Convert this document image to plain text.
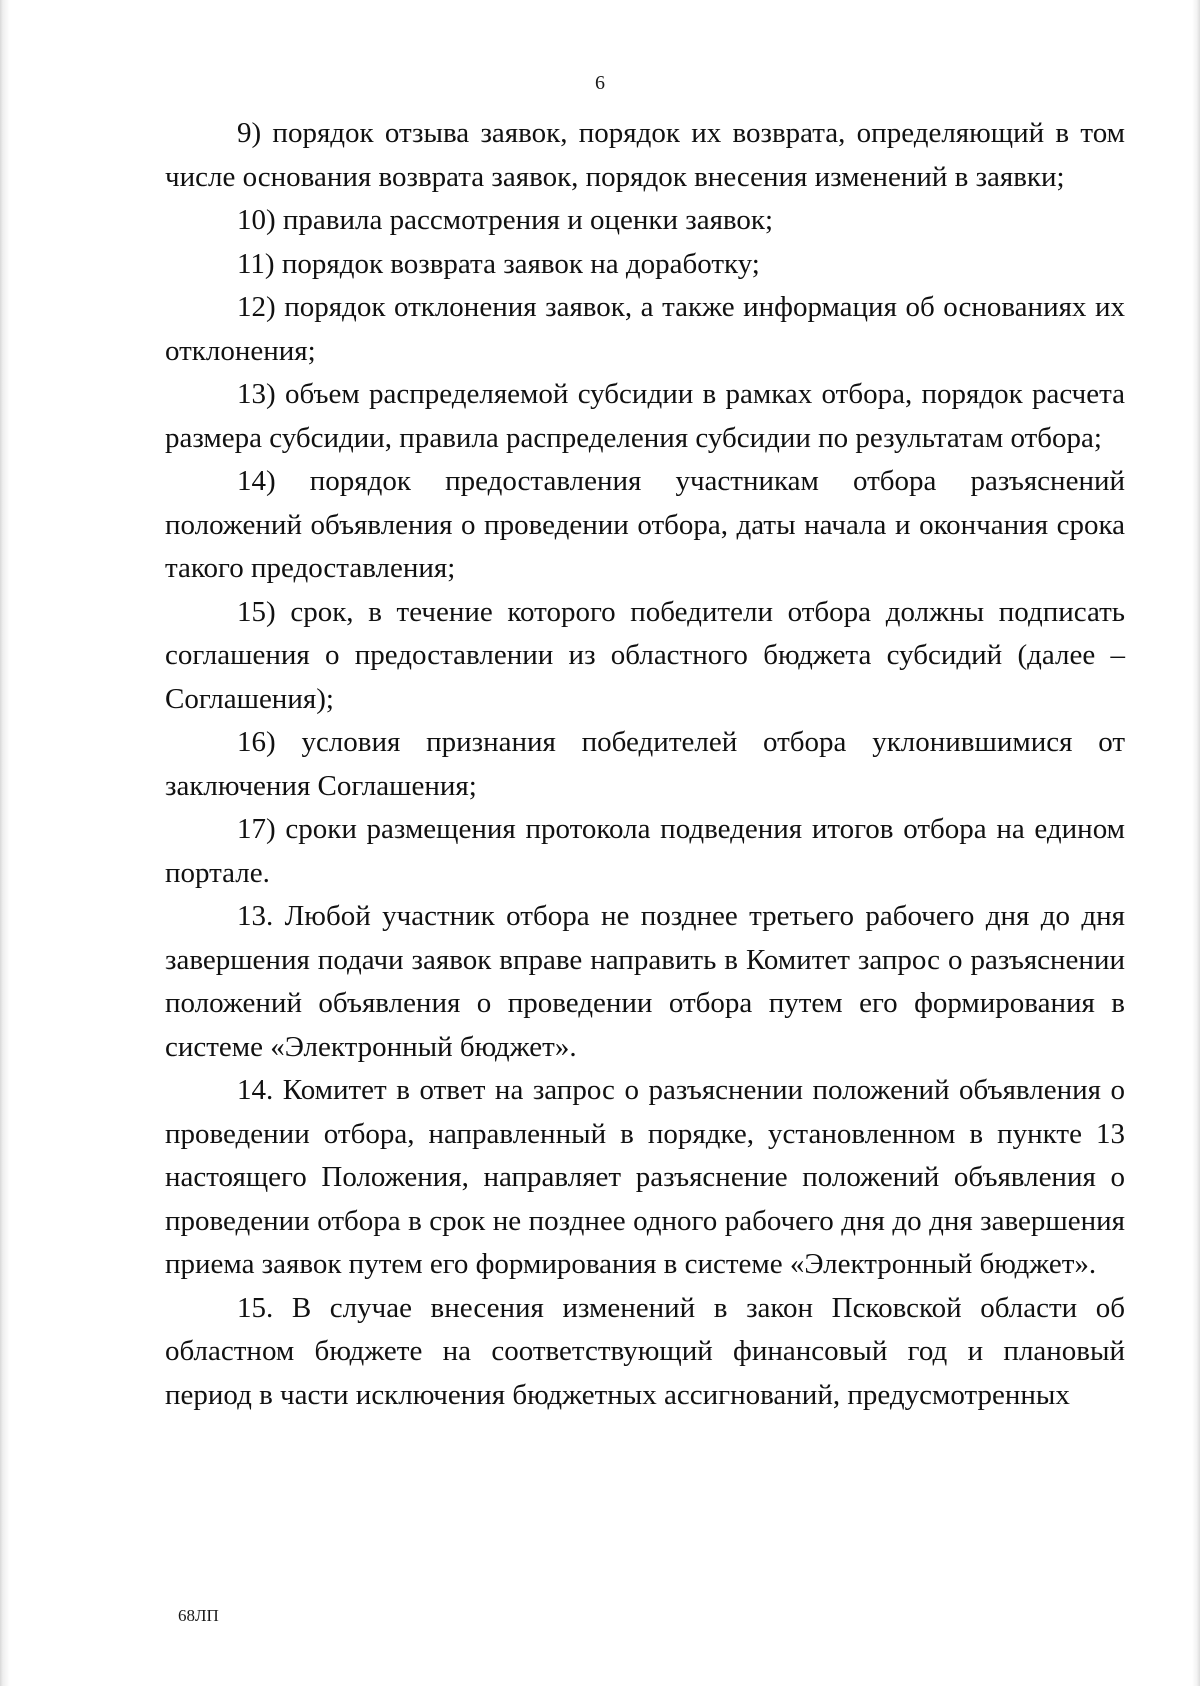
6

9) порядок отзыва заявок, порядок их возврата, определяющий в том числе основания возврата заявок, порядок внесения изменений в заявки;

10) правила рассмотрения и оценки заявок;

11) порядок возврата заявок на доработку;

12) порядок отклонения заявок, а также информация об основаниях их отклонения;

13) объем распределяемой субсидии в рамках отбора, порядок расчета размера субсидии, правила распределения субсидии по результатам отбора;

14) порядок предоставления участникам отбора разъяснений положений объявления о проведении отбора, даты начала и окончания срока такого предоставления;

15) срок, в течение которого победители отбора должны подписать соглашения о предоставлении из областного бюджета субсидий (далее – Соглашения);

16) условия признания победителей отбора уклонившимися от заключения Соглашения;

17) сроки размещения протокола подведения итогов отбора на едином портале.

13. Любой участник отбора не позднее третьего рабочего дня до дня завершения подачи заявок вправе направить в Комитет запрос о разъяснении положений объявления о проведении отбора путем его формирования в системе «Электронный бюджет».

14. Комитет в ответ на запрос о разъяснении положений объявления о проведении отбора, направленный в порядке, установленном в пункте 13 настоящего Положения, направляет разъяснение положений объявления о проведении отбора в срок не позднее одного рабочего дня до дня завершения приема заявок путем его формирования в системе «Электронный бюджет».

15. В случае внесения изменений в закон Псковской области об областном бюджете на соответствующий финансовый год и плановый период в части исключения бюджетных ассигнований, предусмотренных

68ЛП
